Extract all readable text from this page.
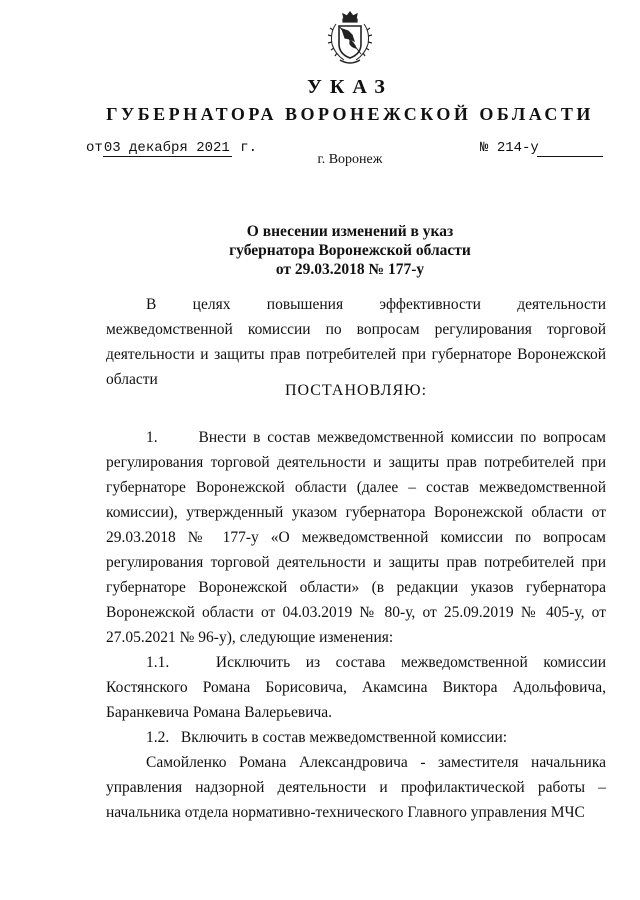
УКАЗ
ГУБЕРНАТОРА ВОРОНЕЖСКОЙ ОБЛАСТИ
от03 декабря 2021 г.	№ 214-у
г. Воронеж
О внесении изменений в указ
губернатора Воронежской области
от 29.03.2018 № 177-у
В целях повышения эффективности деятельности межведомственной комиссии по вопросам регулирования торговой деятельности и защиты прав потребителей при губернаторе Воронежской области
ПОСТАНОВЛЯЮ:

1.      Внести в состав межведомственной комиссии по вопросам регулирования торговой деятельности и защиты прав потребителей при губернаторе Воронежской области (далее – состав межведомственной комиссии), утвержденный указом губернатора Воронежской области от 29.03.2018 № 177-у «О межведомственной комиссии по вопросам регулирования торговой деятельности и защиты прав потребителей при губернаторе Воронежской области» (в редакции указов губернатора Воронежской области от 04.03.2019 № 80-у, от 25.09.2019 № 405-у, от 27.05.2021 № 96-у), следующие изменения:

1.1.   Исключить из состава межведомственной комиссии Костянского Романа Борисовича, Акамсина Виктора Адольфовича, Баранкевича Романа Валерьевича.

1.2.   Включить в состав межведомственной комиссии:

Самойленко Романа Александровича - заместителя начальника управления надзорной деятельности и профилактической работы – начальника отдела нормативно-технического Главного управления МЧС
